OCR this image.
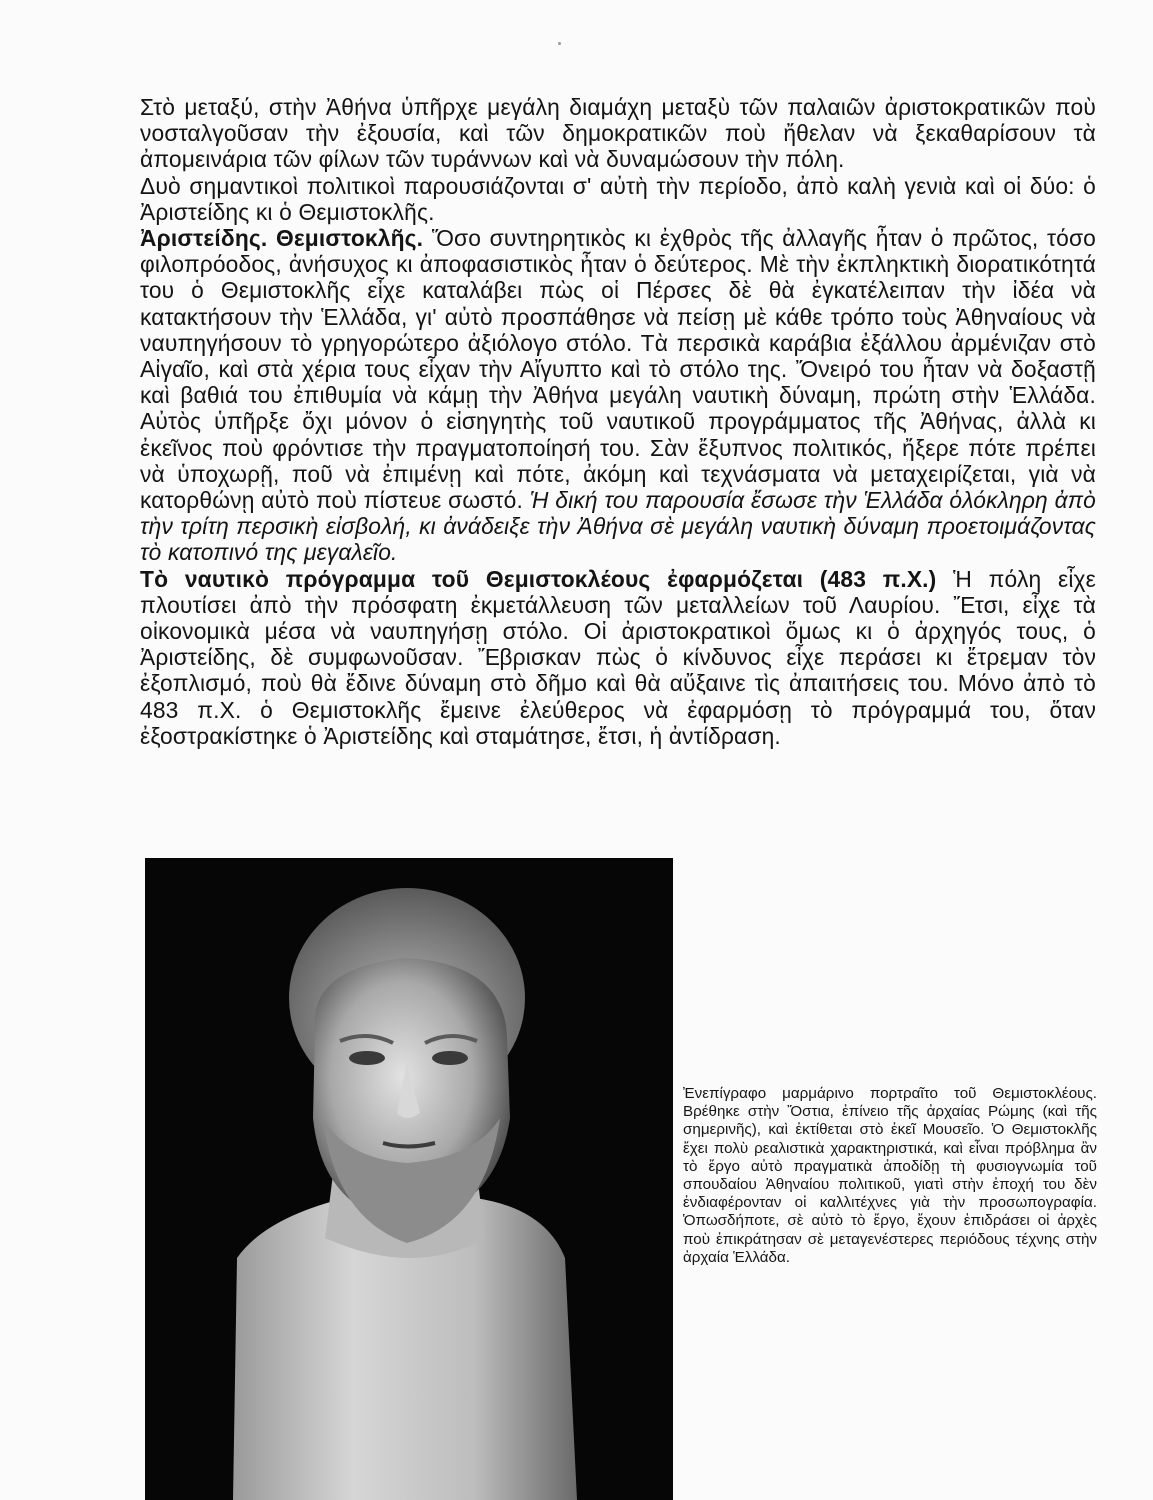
Στὸ μεταξύ, στὴν Ἀθήνα ὑπῆρχε μεγάλη διαμάχη μεταξὺ τῶν παλαιῶν ἀριστοκρατικῶν ποὺ νοσταλγοῦσαν τὴν ἐξουσία, καὶ τῶν δημοκρατικῶν ποὺ ἤθελαν νὰ ξεκαθαρίσουν τὰ ἀπομεινάρια τῶν φίλων τῶν τυράννων καὶ νὰ δυναμώσουν τὴν πόλη.

Δυὸ σημαντικοὶ πολιτικοὶ παρουσιάζονται σ' αὐτὴ τὴν περίοδο, ἀπὸ καλὴ γενιὰ καὶ οἱ δύο: ὁ Ἀριστείδης κι ὁ Θεμιστοκλῆς.

Ἀριστείδης. Θεμιστοκλῆς. Ὅσο συντηρητικὸς κι ἐχθρὸς τῆς ἀλλαγῆς ἦταν ὁ πρῶτος, τόσο φιλοπρόοδος, ἀνήσυχος κι ἀποφασιστικὸς ἦταν ὁ δεύτερος. Μὲ τὴν ἐκπληκτικὴ διορατικότητά του ὁ Θεμιστοκλῆς εἶχε καταλάβει πὼς οἱ Πέρσες δὲ θὰ ἐγκατέλειπαν τὴν ἰδέα νὰ κατακτήσουν τὴν Ἑλλάδα, γι' αὐτὸ προσπάθησε νὰ πείσῃ μὲ κάθε τρόπο τοὺς Ἀθηναίους νὰ ναυπηγήσουν τὸ γρηγορώτερο ἀξιόλογο στόλο. Τὰ περσικὰ καράβια ἐξάλλου ἀρμένιζαν στὸ Αἰγαῖο, καὶ στὰ χέρια τους εἶχαν τὴν Αἴγυπτο καὶ τὸ στόλο της. Ὄνειρό του ἦταν νὰ δοξαστῇ καὶ βαθιά του ἐπιθυμία νὰ κάμῃ τὴν Ἀθήνα μεγάλη ναυτικὴ δύναμη, πρώτη στὴν Ἑλλάδα. Αὐτὸς ὑπῆρξε ὄχι μόνον ὁ εἰσηγητὴς τοῦ ναυτικοῦ προγράμματος τῆς Ἀθήνας, ἀλλὰ κι ἐκεῖνος ποὺ φρόντισε τὴν πραγματοποίησή του. Σὰν ἔξυπνος πολιτικός, ἤξερε πότε πρέπει νὰ ὑποχωρῇ, ποῦ νὰ ἐπιμένῃ καὶ πότε, ἀκόμη καὶ τεχνάσματα νὰ μεταχειρίζεται, γιὰ νὰ κατορθώνῃ αὐτὸ ποὺ πίστευε σωστό. Ἡ δική του παρουσία ἔσωσε τὴν Ἑλλάδα ὁλόκληρη ἀπὸ τὴν τρίτη περσικὴ εἰσβολή, κι ἀνάδειξε τὴν Ἀθήνα σὲ μεγάλη ναυτικὴ δύναμη προετοιμάζοντας τὸ κατοπινό της μεγαλεῖο.

Τὸ ναυτικὸ πρόγραμμα τοῦ Θεμιστοκλέους ἐφαρμόζεται (483 π.Χ.) Ἡ πόλη εἶχε πλουτίσει ἀπὸ τὴν πρόσφατη ἐκμετάλλευση τῶν μεταλλείων τοῦ Λαυρίου. Ἔτσι, εἶχε τὰ οἰκονομικὰ μέσα νὰ ναυπηγήσῃ στόλο. Οἱ ἀριστοκρατικοὶ ὅμως κι ὁ ἀρχηγός τους, ὁ Ἀριστείδης, δὲ συμφωνοῦσαν. Ἔβρισκαν πὼς ὁ κίνδυνος εἶχε περάσει κι ἔτρεμαν τὸν ἐξοπλισμό, ποὺ θὰ ἔδινε δύναμη στὸ δῆμο καὶ θὰ αὔξαινε τὶς ἀπαιτήσεις του. Μόνο ἀπὸ τὸ 483 π.Χ. ὁ Θεμιστοκλῆς ἔμεινε ἐλεύθερος νὰ ἐφαρμόσῃ τὸ πρόγραμμά του, ὅταν ἐξοστρακίστηκε ὁ Ἀριστείδης καὶ σταμάτησε, ἔτσι, ἡ ἀντίδραση.

Ἐνεπίγραφο μαρμάρινο πορτραῖτο τοῦ Θεμιστοκλέους. Βρέθηκε στὴν Ὄστια, ἐπίνειο τῆς ἀρχαίας Ρώμης (καὶ τῆς σημερινῆς), καὶ ἐκτίθεται στὸ ἐκεῖ Μουσεῖο. Ὁ Θεμιστοκλῆς ἔχει πολὺ ρεαλιστικὰ χαρακτηριστικά, καὶ εἶναι πρόβλημα ἂν τὸ ἔργο αὐτὸ πραγματικὰ ἀποδίδῃ τὴ φυσιογνωμία τοῦ σπουδαίου Ἀθηναίου πολιτικοῦ, γιατὶ στὴν ἐποχή του δὲν ἐνδιαφέρονταν οἱ καλλιτέχνες γιὰ τὴν προσωπογραφία. Ὁπωσδήποτε, σὲ αὐτὸ τὸ ἔργο, ἔχουν ἐπιδράσει οἱ ἀρχὲς ποὺ ἐπικράτησαν σὲ μεταγενέστερες περιόδους τέχνης στὴν ἀρχαία Ἑλλάδα.
